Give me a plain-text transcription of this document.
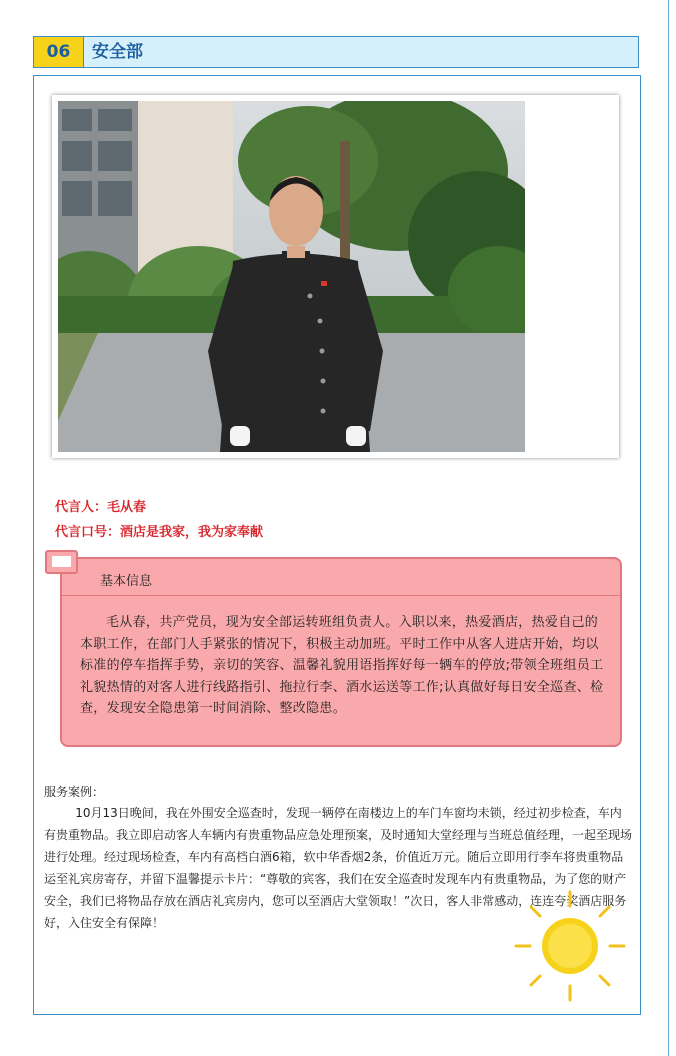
06	安全部
代言人：毛从春
代言口号：酒店是我家，我为家奉献
基本信息

毛从春，共产党员，现为安全部运转班组负责人。入职以来，热爱酒店，热爱自己的本职工作，在部门人手紧张的情况下，积极主动加班。平时工作中从客人进店开始，均以标准的停车指挥手势，亲切的笑容、温馨礼貌用语指挥好每一辆车的停放;带领全班组员工礼貌热情的对客人进行线路指引、拖拉行李、酒水运送等工作;认真做好每日安全巡查、检查，发现安全隐患第一时间消除、整改隐患。

服务案例：

10月13日晚间，我在外围安全巡查时，发现一辆停在南楼边上的车门车窗均未锁，经过初步检查，车内有贵重物品。我立即启动客人车辆内有贵重物品应急处理预案，及时通知大堂经理与当班总值经理，一起至现场进行处理。经过现场检查，车内有高档白酒6箱，软中华香烟2条，价值近万元。随后立即用行李车将贵重物品运至礼宾房寄存，并留下温馨提示卡片：“尊敬的宾客，我们在安全巡查时发现车内有贵重物品，为了您的财产安全，我们已将物品存放在酒店礼宾房内，您可以至酒店大堂领取！”次日，客人非常感动，连连夸奖酒店服务好，入住安全有保障！
